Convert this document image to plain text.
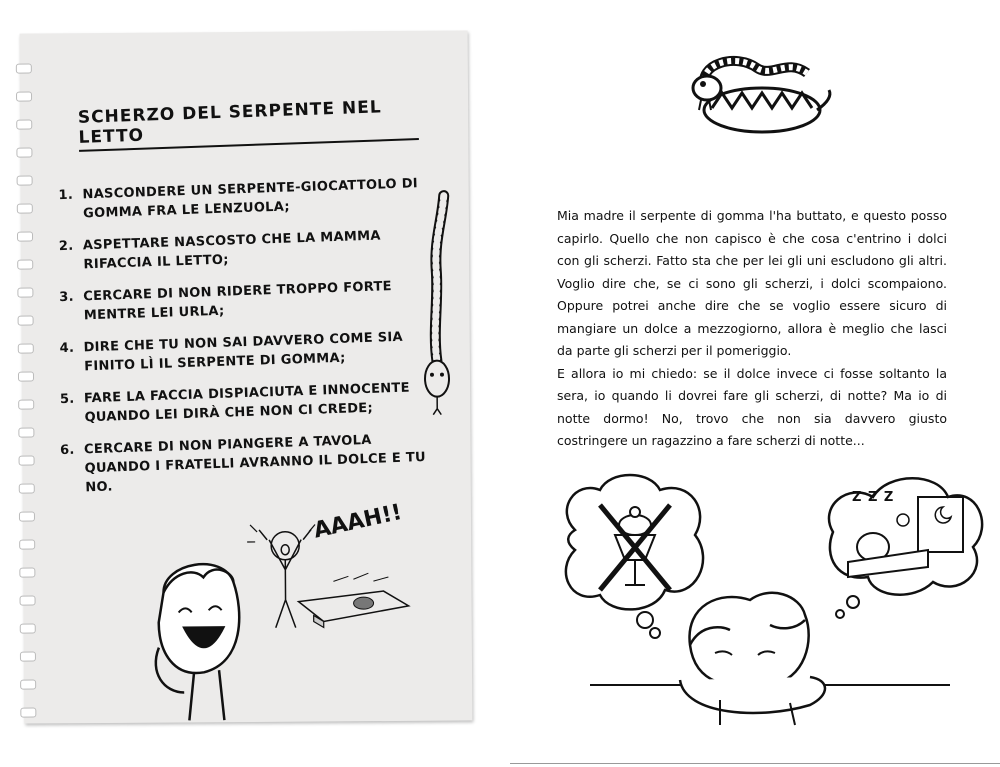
SCHERZO DEL SERPENTE NEL LETTO
1. NASCONDERE UN SERPENTE-GIOCATTOLO DI GOMMA FRA LE LENZUOLA;
2. ASPETTARE NASCOSTO CHE LA MAMMA RIFACCIA IL LETTO;
3. CERCARE DI NON RIDERE TROPPO FORTE MENTRE LEI URLA;
4. DIRE CHE TU NON SAI DAVVERO COME SIA FINITO LÌ IL SERPENTE DI GOMMA;
5. FARE LA FACCIA DISPIACIUTA E INNOCENTE QUANDO LEI DIRÀ CHE NON CI CREDE;
6. CERCARE DI NON PIANGERE A TAVOLA QUANDO I FRATELLI AVRANNO IL DOLCE E TU NO.
AAAH!!

Mia madre il serpente di gomma l'ha buttato, e questo posso capirlo. Quello che non capisco è che cosa c'entrino i dolci con gli scherzi. Fatto sta che per lei gli uni escludono gli altri. Voglio dire che, se ci sono gli scherzi, i dolci scompaiono. Oppure potrei anche dire che se voglio essere sicuro di mangiare un dolce a mezzogiorno, allora è meglio che lasci da parte gli scherzi per il pomeriggio.

E allora io mi chiedo: se il dolce invece ci fosse soltanto la sera, io quando li dovrei fare gli scherzi, di notte? Ma io di notte dormo! No, trovo che non sia davvero giusto costringere un ragazzino a fare scherzi di notte...

Z Z Z
